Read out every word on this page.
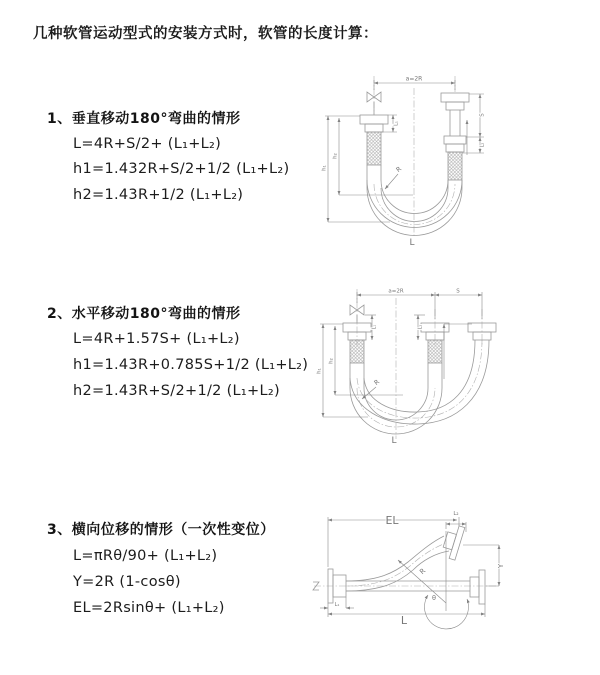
几种软管运动型式的安装方式时，软管的长度计算：
1、垂直移动180°弯曲的情形
L=4R+S/2+ (L₁+L₂)
h1=1.432R+S/2+1/2 (L₁+L₂)
h2=1.43R+1/2 (L₁+L₂)
2、水平移动180°弯曲的情形
L=4R+1.57S+ (L₁+L₂)
h1=1.43R+0.785S+1/2 (L₁+L₂)
h2=1.43R+S/2+1/2 (L₁+L₂)
3、横向位移的情形（一次性变位）
L=πRθ/90+ (L₁+L₂)
Y=2R (1-cosθ)
EL=2Rsinθ+ (L₁+L₂)
a=2R
h₁
h₂
L₁
S
L₂
R
L
a=2R	S
h₁
h₂
L₁	L₂
R
L
EL	L₂
Y
θ
R
L
L₁
